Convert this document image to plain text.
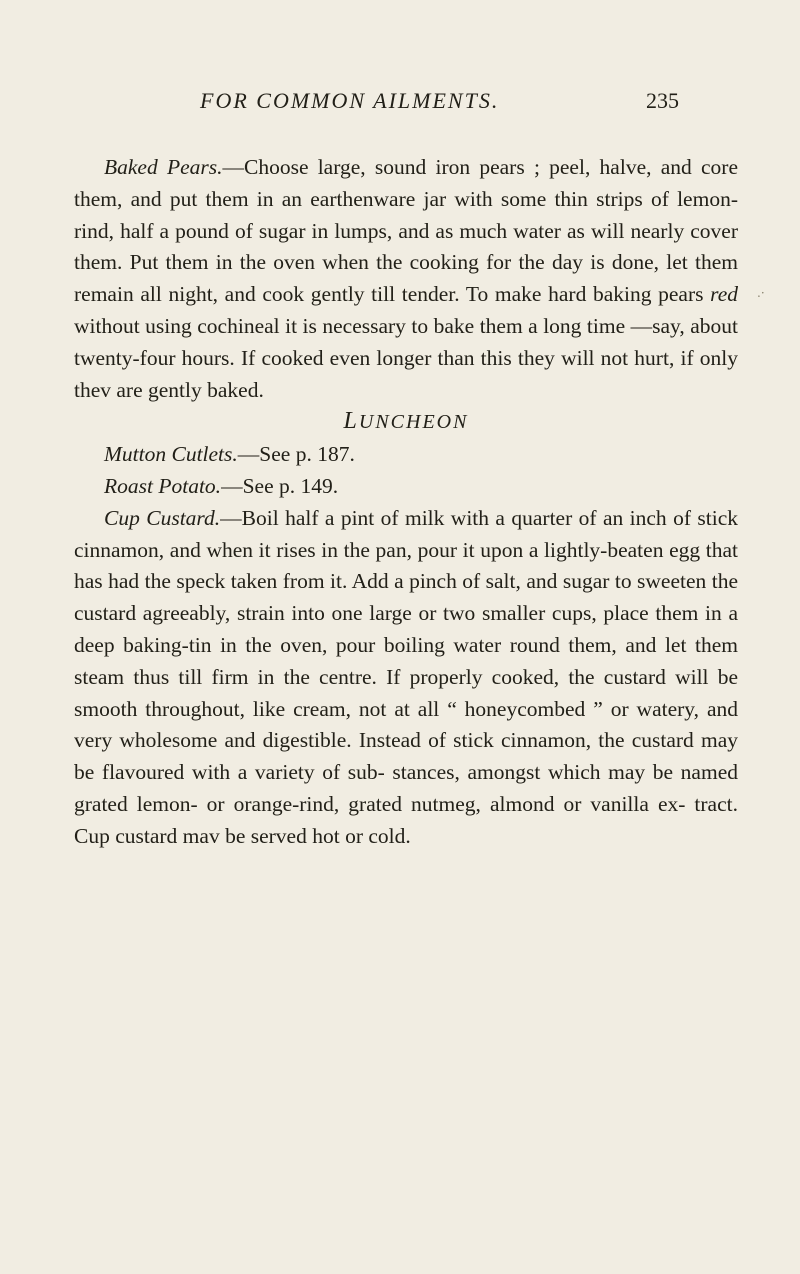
FOR COMMON AILMENTS.	235
.·

Baked Pears.—Choose large, sound iron pears ; peel, halve, and core them, and put them in an earthenware jar with some thin strips of lemon-rind, half a pound of sugar in lumps, and as much water as will nearly cover them. Put them in the oven when the cooking for the day is done, let them remain all night, and cook gently till tender. To make hard baking pears red without using cochineal it is necessary to bake them a long time —say, about twenty-four hours. If cooked even longer than this they will not hurt, if only thev are gently baked.

LUNCHEON

Mutton Cutlets.—See p. 187.

Roast Potato.—See p. 149.

Cup Custard.—Boil half a pint of milk with a quarter of an inch of stick cinnamon, and when it rises in the pan, pour it upon a lightly-beaten egg that has had the speck taken from it. Add a pinch of salt, and sugar to sweeten the custard agreeably, strain into one large or two smaller cups, place them in a deep baking-tin in the oven, pour boiling water round them, and let them steam thus till firm in the centre. If properly cooked, the custard will be smooth throughout, like cream, not at all “ honeycombed ” or watery, and very wholesome and digestible. Instead of stick cinnamon, the custard may be flavoured with a variety of sub- stances, amongst which may be named grated lemon- or orange-rind, grated nutmeg, almond or vanilla ex- tract. Cup custard mav be served hot or cold.
